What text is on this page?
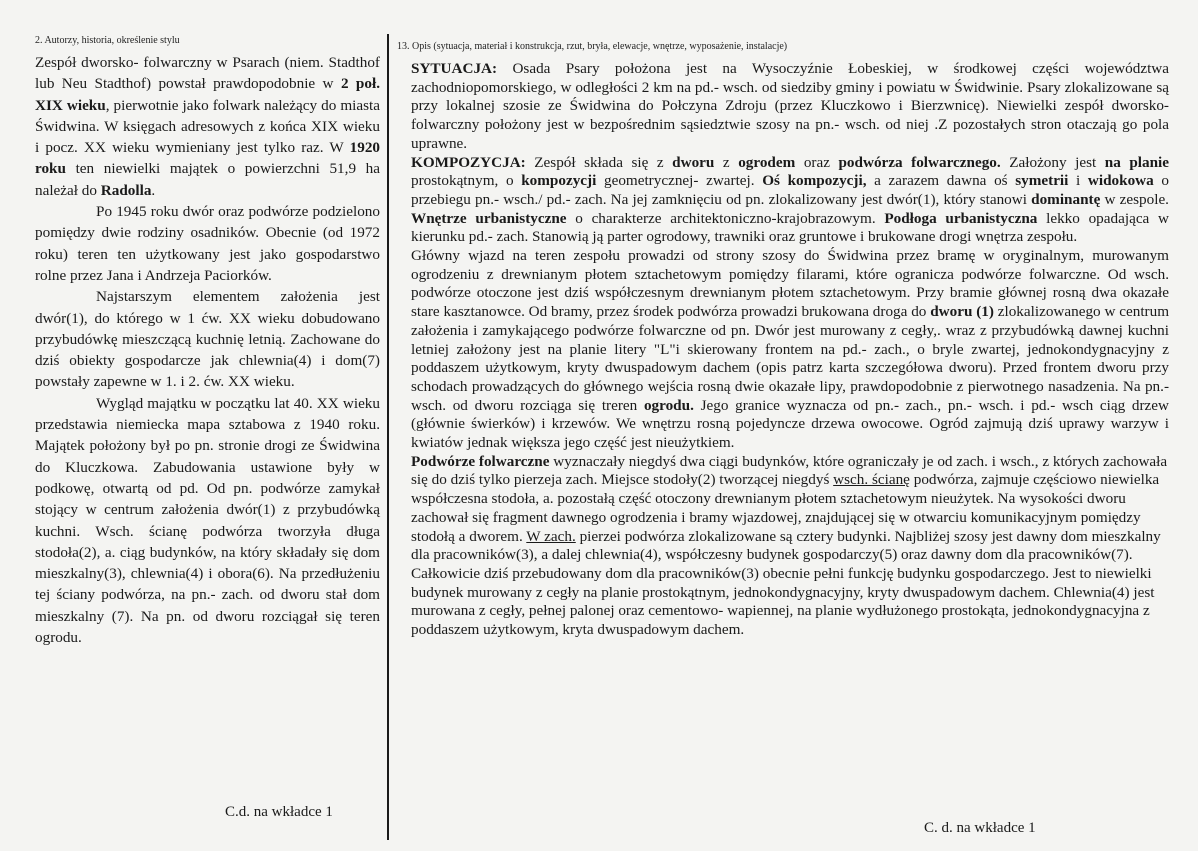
2. Autorzy, historia, określenie stylu

Zespół dworsko- folwarczny w Psarach (niem. Stadthof lub Neu Stadthof) powstał prawdopodobnie w 2 poł. XIX wieku, pierwotnie jako folwark należący do miasta Świdwina. W księgach adresowych z końca XIX wieku i pocz. XX wieku wymieniany jest tylko raz. W 1920 roku ten niewielki majątek o powierzchni 51,9 ha należał do Radolla.

Po 1945 roku dwór oraz podwórze podzielono pomiędzy dwie rodziny osadników. Obecnie (od 1972 roku) teren ten użytkowany jest jako gospodarstwo rolne przez Jana i Andrzeja Paciorków.

Najstarszym elementem założenia jest dwór(1), do którego w 1 ćw. XX wieku dobudowano przybudówkę mieszczącą kuchnię letnią. Zachowane do dziś obiekty gospodarcze jak chlewnia(4) i dom(7) powstały zapewne w 1. i 2. ćw. XX wieku.

Wygląd majątku w początku lat 40. XX wieku przedstawia niemiecka mapa sztabowa z 1940 roku. Majątek położony był po pn. stronie drogi ze Świdwina do Kluczkowa. Zabudowania ustawione były w podkowę, otwartą od pd. Od pn. podwórze zamykał stojący w centrum założenia dwór(1) z przybudówką kuchni. Wsch. ścianę podwórza tworzyła długa stodoła(2), a. ciąg budynków, na który składały się dom mieszkalny(3), chlewnia(4) i obora(6). Na przedłużeniu tej ściany podwórza, na pn.- zach. od dworu stał dom mieszkalny (7). Na pn. od dworu rozciągał się teren ogrodu.

C.d. na wkładce 1
13. Opis (sytuacja, materiał i konstrukcja, rzut, bryła, elewacje, wnętrze, wyposażenie, instalacje)

SYTUACJA: Osada Psary położona jest na Wysoczyźnie Łobeskiej, w środkowej części województwa zachodniopomorskiego, w odległości 2 km na pd.- wsch. od siedziby gminy i powiatu w Świdwinie. Psary zlokalizowane są przy lokalnej szosie ze Świdwina do Połczyna Zdroju (przez Kluczkowo i Bierzwnicę). Niewielki zespół dworsko- folwarczny położony jest w bezpośrednim sąsiedztwie szosy na pn.- wsch. od niej .Z pozostałych stron otaczają go pola uprawne.

KOMPOZYCJA: Zespół składa się z dworu z ogrodem oraz podwórza folwarcznego. Założony jest na planie prostokątnym, o kompozycji geometrycznej- zwartej. Oś kompozycji, a zarazem dawna oś symetrii i widokowa o przebiegu pn.- wsch./ pd.- zach. Na jej zamknięciu od pn. zlokalizowany jest dwór(1), który stanowi dominantę w zespole. Wnętrze urbanistyczne o charakterze architektoniczno-krajobrazowym. Podłoga urbanistyczna lekko opadająca w kierunku pd.- zach. Stanowią ją parter ogrodowy, trawniki oraz gruntowe i brukowane drogi wnętrza zespołu.

Główny wjazd na teren zespołu prowadzi od strony szosy do Świdwina przez bramę w oryginalnym, murowanym ogrodzeniu z drewnianym płotem sztachetowym pomiędzy filarami, które ogranicza podwórze folwarczne. Od wsch. podwórze otoczone jest dziś współczesnym drewnianym płotem sztachetowym. Przy bramie głównej rosną dwa okazałe stare kasztanowce. Od bramy, przez środek podwórza prowadzi brukowana droga do dworu (1) zlokalizowanego w centrum założenia i zamykającego podwórze folwarczne od pn. Dwór jest murowany z cegły,. wraz z przybudówką dawnej kuchni letniej założony jest na planie litery "L"i skierowany frontem na pd.- zach., o bryle zwartej, jednokondygnacyjny z poddaszem użytkowym, kryty dwuspadowym dachem (opis patrz karta szczegółowa dworu). Przed frontem dworu przy schodach prowadzących do głównego wejścia rosną dwie okazałe lipy, prawdopodobnie z pierwotnego nasadzenia. Na pn.- wsch. od dworu rozciąga się treren ogrodu. Jego granice wyznacza od pn.- zach., pn.- wsch. i pd.- wsch ciąg drzew (głównie świerków) i krzewów. We wnętrzu rosną pojedyncze drzewa owocowe. Ogród zajmują dziś uprawy warzyw i kwiatów jednak większa jego część jest nieużytkiem.

Podwórze folwarczne wyznaczały niegdyś dwa ciągi budynków, które ograniczały je od zach. i wsch., z których zachowała się do dziś tylko pierzeja zach. Miejsce stodoły(2) tworzącej niegdyś wsch. ścianę podwórza, zajmuje częściowo niewielka współczesna stodoła, a. pozostałą część otoczony drewnianym płotem sztachetowym nieużytek. Na wysokości dworu zachował się fragment dawnego ogrodzenia i bramy wjazdowej, znajdującej się w otwarciu komunikacyjnym pomiędzy stodołą a dworem. W zach. pierzei podwórza zlokalizowane są cztery budynki. Najbliżej szosy jest dawny dom mieszkalny dla pracowników(3), a dalej chlewnia(4), współczesny budynek gospodarczy(5) oraz dawny dom dla pracowników(7). Całkowicie dziś przebudowany dom dla pracowników(3) obecnie pełni funkcję budynku gospodarczego. Jest to niewielki budynek murowany z cegły na planie prostokątnym, jednokondygnacyjny, kryty dwuspadowym dachem. Chlewnia(4) jest murowana z cegły, pełnej palonej oraz cementowo- wapiennej, na planie wydłużonego prostokąta, jednokondygnacyjna z poddaszem użytkowym, kryta dwuspadowym dachem.

C. d. na wkładce 1
